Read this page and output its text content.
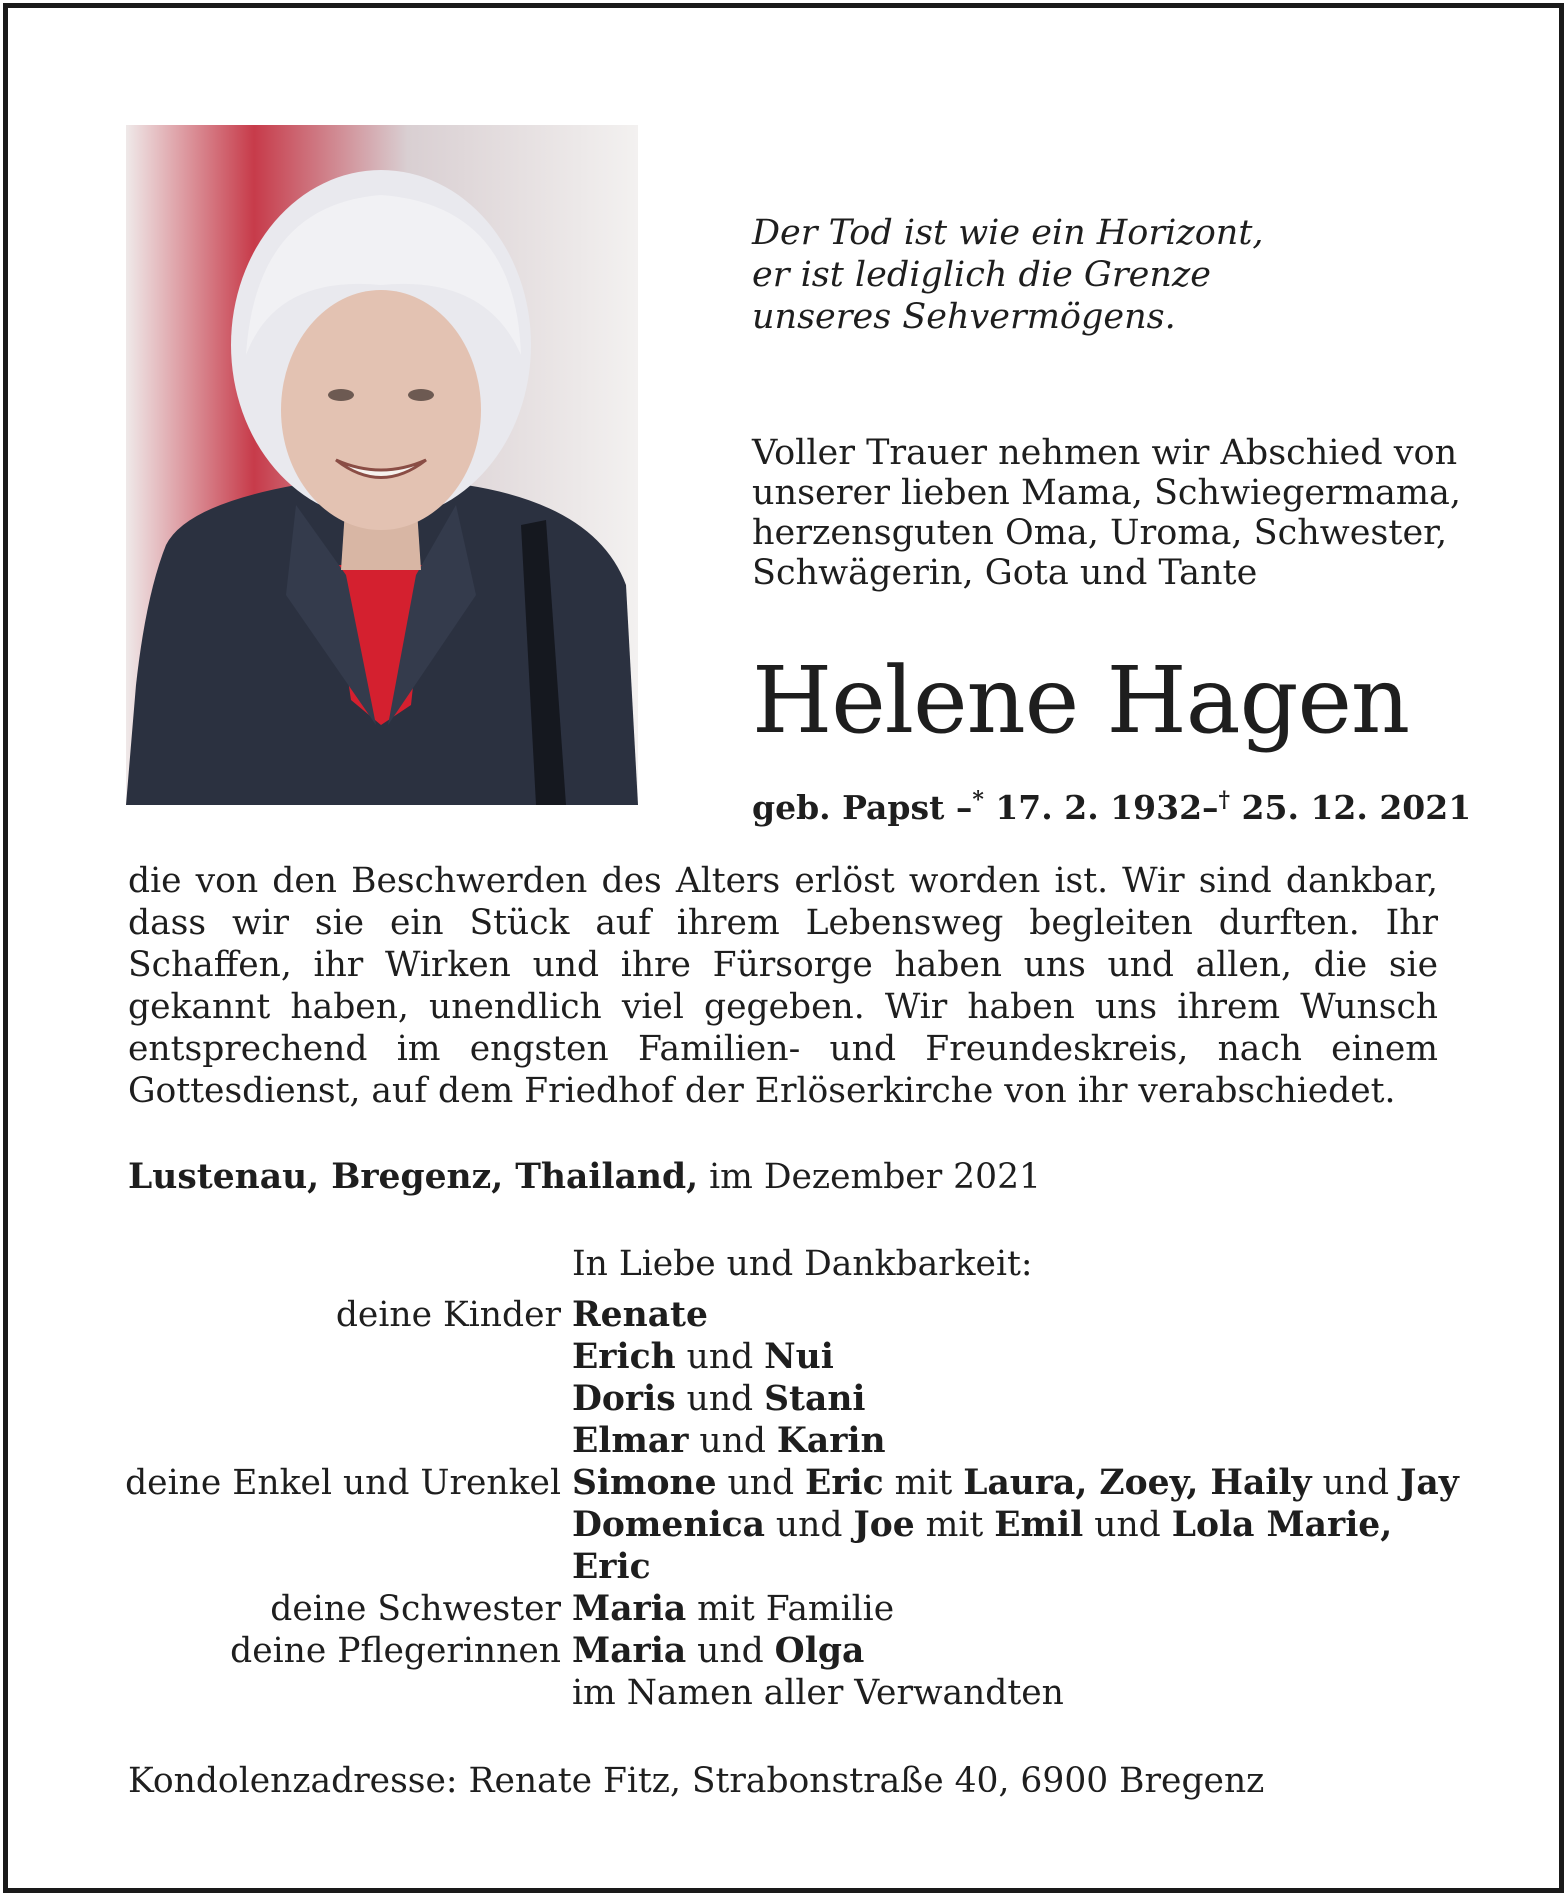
Der Tod ist wie ein Horizont,
er ist lediglich die Grenze
unseres Sehvermögens.
Voller Trauer nehmen wir Abschied von
unserer lieben Mama, Schwiegermama,
herzensguten Oma, Uroma, Schwester,
Schwägerin, Gota und Tante
Helene Hagen
geb. Papst –* 17. 2. 1932–† 25. 12. 2021
die von den Beschwerden des Alters erlöst worden ist. Wir sind dankbar, dass wir sie ein Stück auf ihrem Lebensweg begleiten durften. Ihr Schaffen, ihr Wirken und ihre Fürsorge haben uns und allen, die sie gekannt haben, unendlich viel gegeben. Wir haben uns ihrem Wunsch entsprechend im engsten Familien- und Freundeskreis, nach einem Gottesdienst, auf dem Friedhof der Erlöserkirche von ihr verabschiedet.
Lustenau, Bregenz, Thailand, im Dezember 2021
In Liebe und Dankbarkeit:
deine Kinder Renate
Erich und Nui
Doris und Stani
Elmar und Karin
deine Enkel und Urenkel Simone und Eric mit Laura, Zoey, Haily und Jay
Domenica und Joe mit Emil und Lola Marie,
Eric
deine Schwester Maria mit Familie
deine Pflegerinnen Maria und Olga
im Namen aller Verwandten
Kondolenzadresse: Renate Fitz, Strabonstraße 40, 6900 Bregenz
